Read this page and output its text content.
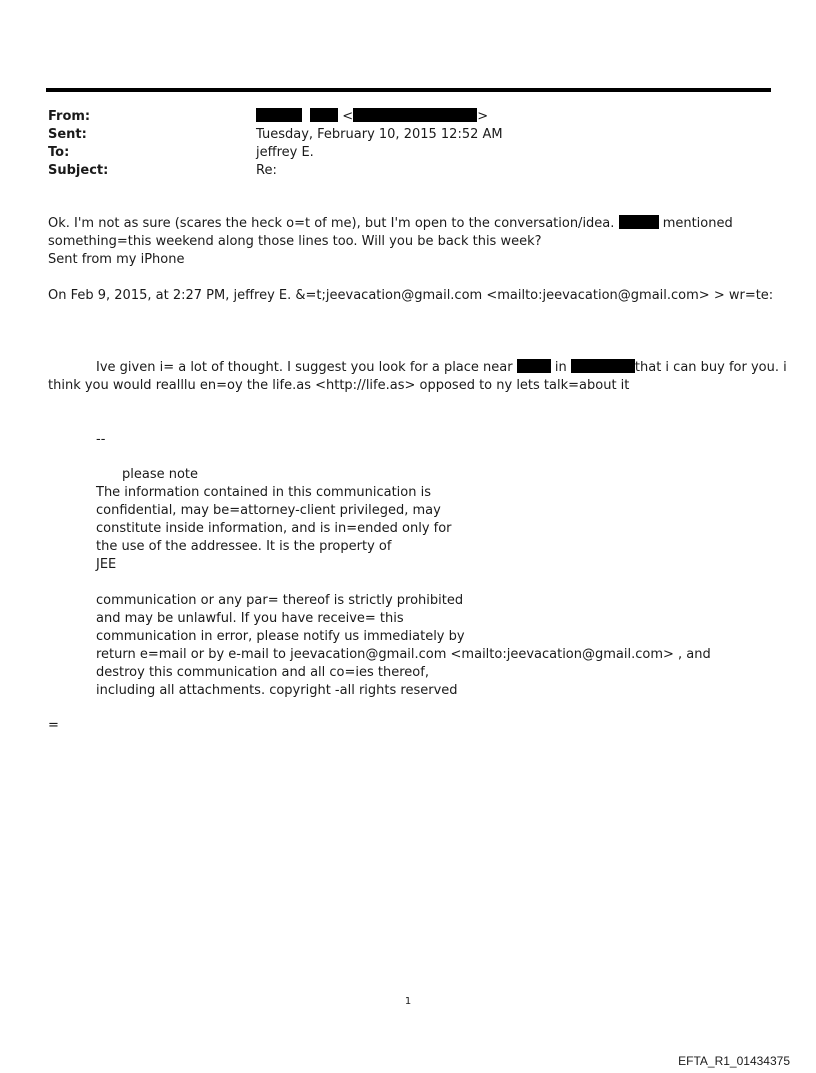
From:	<	>
Sent:	Tuesday, February 10, 2015 12:52 AM
To:	jeffrey E.
Subject:	Re:
Ok. I'm not as sure (scares the heck o=t of me), but I'm open to the conversation/idea.	mentioned
something=this weekend along those lines too. Will you be back this week?
Sent from my iPhone
On Feb 9, 2015, at 2:27 PM, jeffrey E. &=t;jeevacation@gmail.com <mailto:jeevacation@gmail.com> > wr=te:
Ive given i= a lot of thought. I suggest you look for a place near	in	that i can buy for you. i
think you would realllu en=oy the life.as <http://life.as> opposed to ny lets talk=about it
--
please note
The information contained in this communication is
confidential, may be=attorney-client privileged, may
constitute inside information, and is in=ended only for
the use of the addressee. It is the property of
JEE
communication or any par= thereof is strictly prohibited
and may be unlawful. If you have receive= this
communication in error, please notify us immediately by
return e=mail or by e-mail to jeevacation@gmail.com <mailto:jeevacation@gmail.com> , and
destroy this communication and all co=ies thereof,
including all attachments. copyright -all rights reserved
=
1
EFTA_R1_01434375
